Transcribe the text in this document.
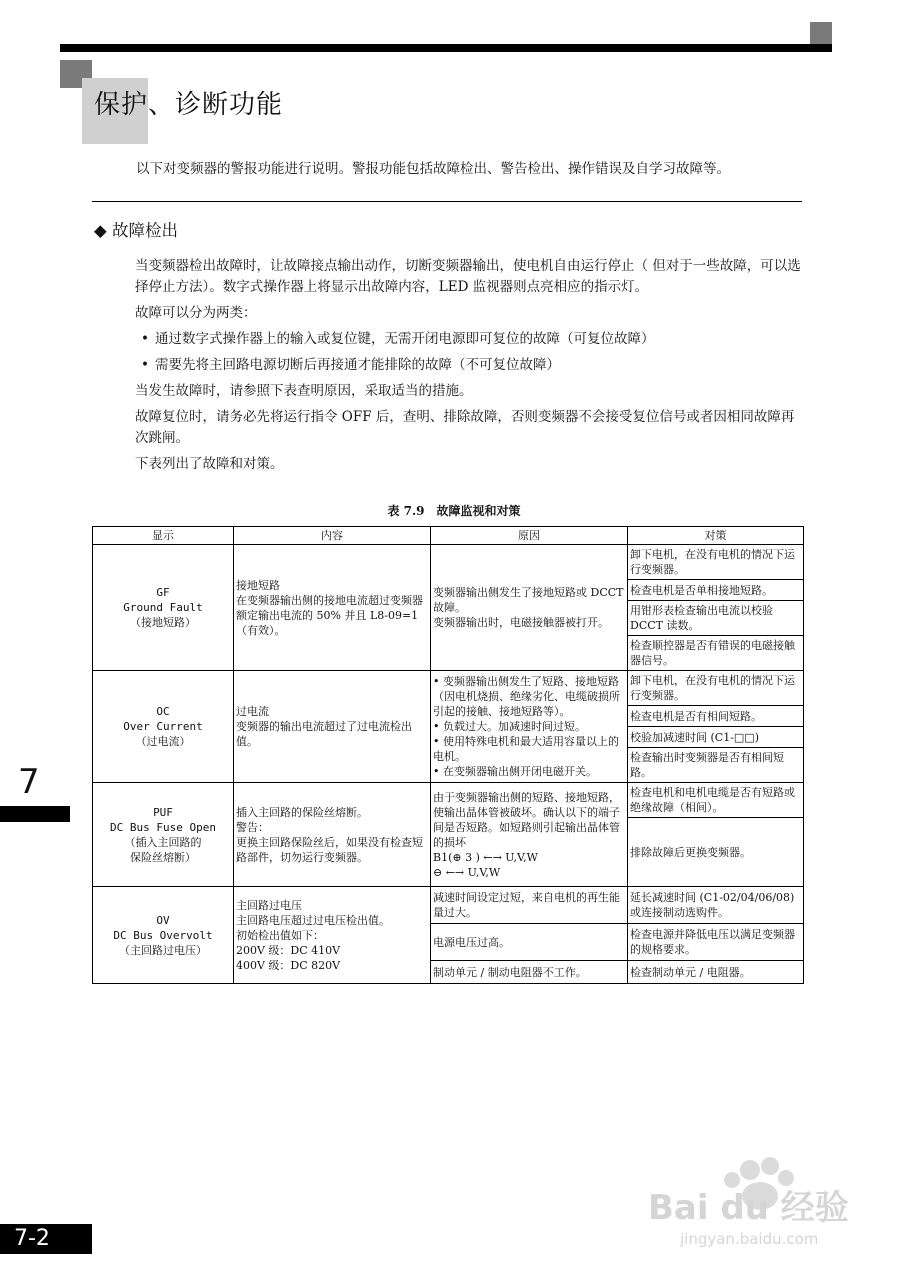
保护、诊断功能
以下对变频器的警报功能进行说明。警报功能包括故障检出、警告检出、操作错误及自学习故障等。
◆ 故障检出

当变频器检出故障时，让故障接点输出动作，切断变频器输出，使电机自由运行停止（ 但对于一些故障，可以选择停止方法）。数字式操作器上将显示出故障内容，LED 监视器则点亮相应的指示灯。

故障可以分为两类：

• 通过数字式操作器上的输入或复位键，无需开闭电源即可复位的故障（可复位故障）
• 需要先将主回路电源切断后再接通才能排除的故障（不可复位故障）

当发生故障时，请参照下表查明原因，采取适当的措施。

故障复位时，请务必先将运行指令 OFF 后，查明、排除故障，否则变频器不会接受复位信号或者因相同故障再次跳闸。

下表列出了故障和对策。

表 7.9　故障监视和对策
显示	内容	原因	对策

GF
Ground Fault
（接地短路）	接地短路
在变频器输出侧的接地电流超过变频器额定输出电流的 50% 并且 L8-09=1（有效）。	变频器输出侧发生了接地短路或 DCCT 故障。
变频器输出时，电磁接触器被打开。	卸下电机，在没有电机的情况下运行变频器。
			检查电机是否单相接地短路。
			用钳形表检查输出电流以校验 DCCT 读数。
			检查顺控器是否有错误的电磁接触器信号。

OC
Over Current
（过电流）	过电流
变频器的输出电流超过了过电流检出值。	• 变频器输出侧发生了短路、接地短路（因电机烧损、绝缘劣化、电缆破损所引起的接触、接地短路等）。
• 负载过大。加减速时间过短。
• 使用特殊电机和最大适用容量以上的电机。
• 在变频器输出侧开闭电磁开关。	卸下电机，在没有电机的情况下运行变频器。
			检查电机是否有相间短路。
			校验加减速时间 (C1-□□)
			检查输出时变频器是否有相间短路。

PUF
DC Bus Fuse Open
（插入主回路的
保险丝熔断）	插入主回路的保险丝熔断。
警告：
更换主回路保险丝后，如果没有检查短路部件，切勿运行变频器。	由于变频器输出侧的短路、接地短路，使输出晶体管被破坏。确认以下的端子间是否短路。如短路则引起输出晶体管的损坏
B1(⊕ 3 ) ←→ U,V,W
⊖ ←→ U,V,W	检查电机和电机电缆是否有短路或绝缘故障（相间）。
			排除故障后更换变频器。

OV
DC Bus Overvolt
（主回路过电压）	主回路过电压
主回路电压超过过电压检出值。
初始检出值如下：
200V 级：DC 410V
400V 级：DC 820V	减速时间设定过短，来自电机的再生能量过大。	延长减速时间 (C1-02/04/06/08) 或连接制动选购件。
		电源电压过高。	检查电源并降低电压以满足变频器的规格要求。
		制动单元 / 制动电阻器不工作。	检查制动单元 / 电阻器。
7
7-2
Bai du 经验
jingyan.baidu.com
